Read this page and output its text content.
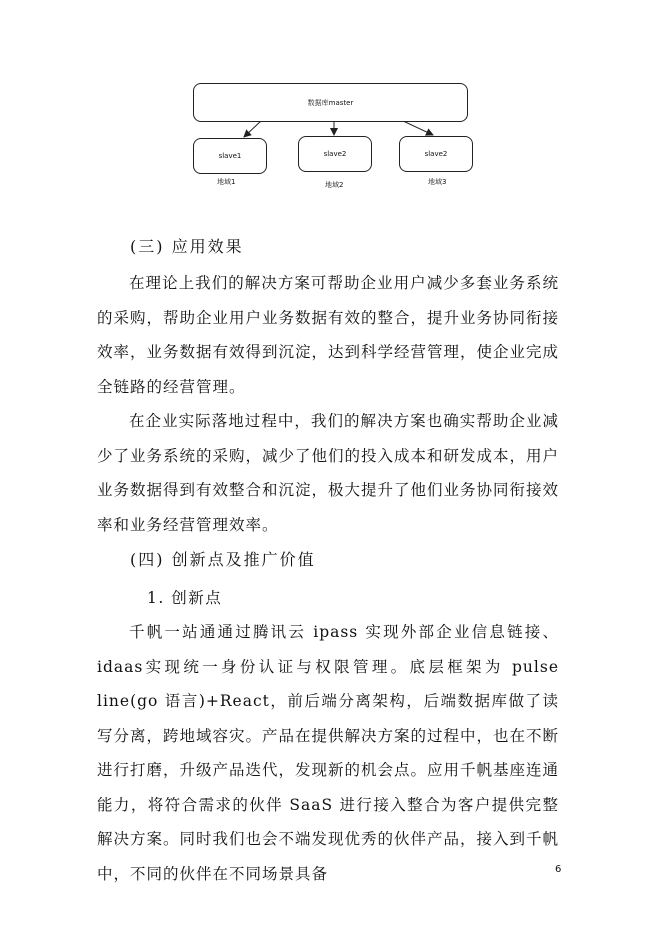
数据库master
slave1	slave2	slave2
地域1	地域2	地域3
(三) 应用效果
在理论上我们的解决方案可帮助企业用户减少多套业务系统的采购，帮助企业用户业务数据有效的整合，提升业务协同衔接效率，业务数据有效得到沉淀，达到科学经营管理，使企业完成全链路的经营管理。
在企业实际落地过程中，我们的解决方案也确实帮助企业减少了业务系统的采购，减少了他们的投入成本和研发成本，用户业务数据得到有效整合和沉淀，极大提升了他们业务协同衔接效率和业务经营管理效率。
(四) 创新点及推广价值
1. 创新点
千帆一站通通过腾讯云 ipass 实现外部企业信息链接、idaas实现统一身份认证与权限管理。底层框架为 pulse line(go 语言)+React，前后端分离架构，后端数据库做了读写分离，跨地域容灾。产品在提供解决方案的过程中，也在不断进行打磨，升级产品迭代，发现新的机会点。应用千帆基座连通能力，将符合需求的伙伴 SaaS 进行接入整合为客户提供完整解决方案。同时我们也会不端发现优秀的伙伴产品，接入到千帆中，不同的伙伴在不同场景具备	6
